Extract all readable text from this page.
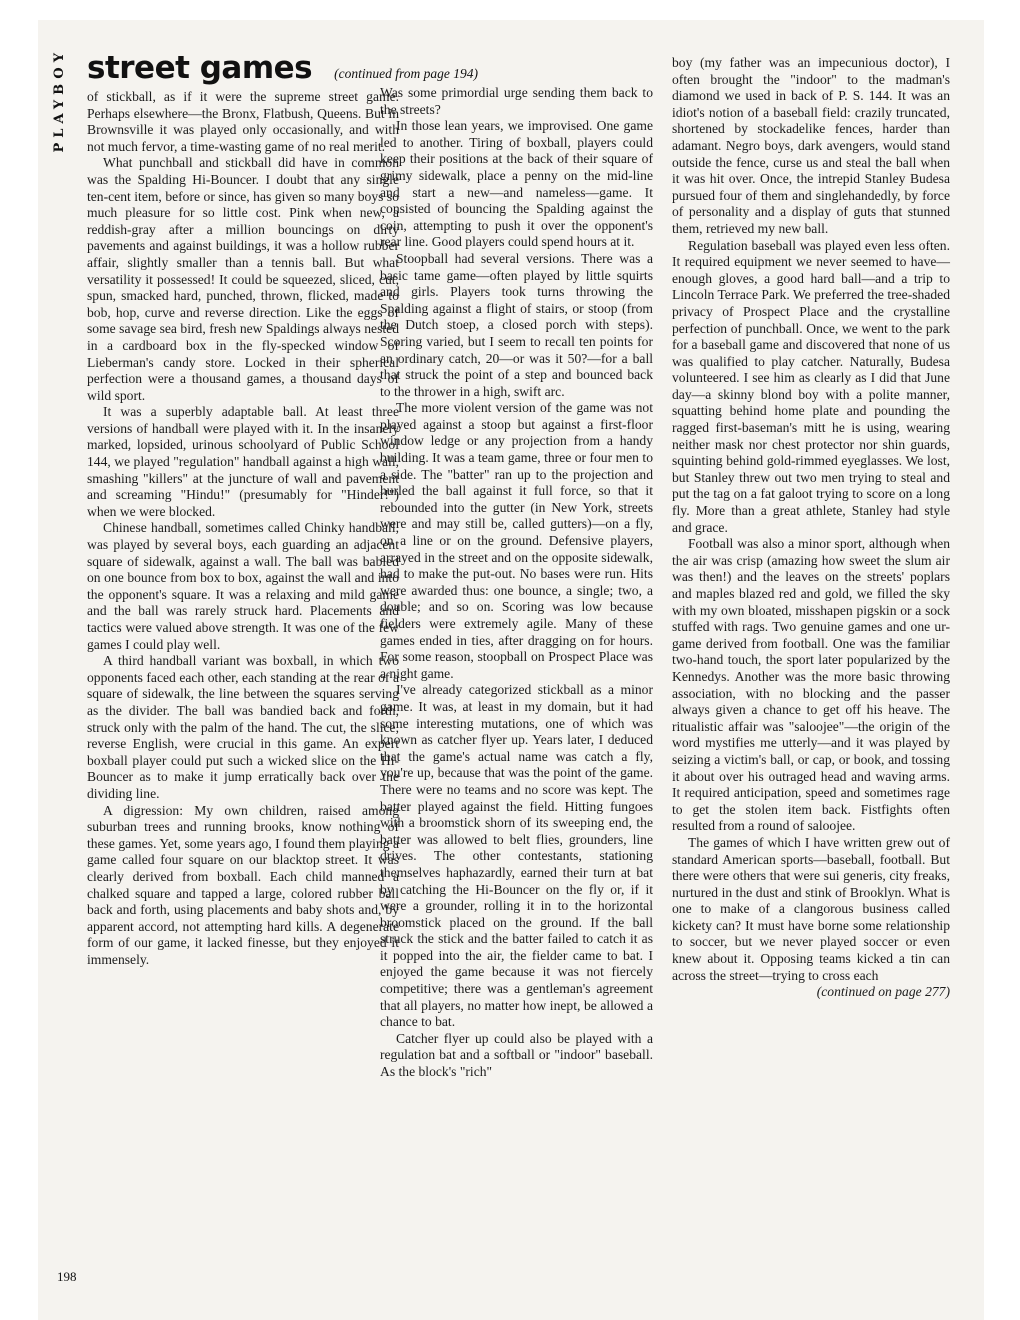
PLAYBOY
198
street games (continued from page 194)

of stickball, as if it were the supreme street game. Perhaps elsewhere—the Bronx, Flatbush, Queens. But in Brownsville it was played only occasionally, and with not much fervor, a time-wasting game of no real merit.

What punchball and stickball did have in common was the Spalding Hi-Bouncer. I doubt that any single ten-cent item, before or since, has given so many boys so much pleasure for so little cost. Pink when new, a reddish-gray after a million bouncings on dirty pavements and against buildings, it was a hollow rubber affair, slightly smaller than a tennis ball. But what versatility it possessed! It could be squeezed, sliced, cut, spun, smacked hard, punched, thrown, flicked, made to bob, hop, curve and reverse direction. Like the eggs of some savage sea bird, fresh new Spaldings always nested in a cardboard box in the fly-specked window of Lieberman's candy store. Locked in their spherical perfection were a thousand games, a thousand days of wild sport.

It was a superbly adaptable ball. At least three versions of handball were played with it. In the insanely marked, lopsided, urinous schoolyard of Public School 144, we played "regulation" handball against a high wall, smashing "killers" at the juncture of wall and pavement and screaming "Hindu!" (presumably for "Hinder!") when we were blocked.

Chinese handball, sometimes called Chinky handball, was played by several boys, each guarding an adjacent square of sidewalk, against a wall. The ball was babied on one bounce from box to box, against the wall and into the opponent's square. It was a relaxing and mild game and the ball was rarely struck hard. Placements and tactics were valued above strength. It was one of the few games I could play well.

A third handball variant was boxball, in which two opponents faced each other, each standing at the rear of a square of sidewalk, the line between the squares serving as the divider. The ball was bandied back and forth, struck only with the palm of the hand. The cut, the slice, reverse English, were crucial in this game. An expert boxball player could put such a wicked slice on the Hi-Bouncer as to make it jump erratically back over the dividing line.

A digression: My own children, raised among suburban trees and running brooks, know nothing of these games. Yet, some years ago, I found them playing a game called four square on our blacktop street. It was clearly derived from boxball. Each child manned a chalked square and tapped a large, colored rubber ball back and forth, using placements and baby shots and, by apparent accord, not attempting hard kills. A degenerate form of our game, it lacked finesse, but they enjoyed it immensely.

Was some primordial urge sending them back to the streets?

In those lean years, we improvised. One game led to another. Tiring of boxball, players could keep their positions at the back of their square of grimy sidewalk, place a penny on the mid-line and start a new—and nameless—game. It consisted of bouncing the Spalding against the coin, attempting to push it over the opponent's rear line. Good players could spend hours at it.

Stoopball had several versions. There was a basic tame game—often played by little squirts and girls. Players took turns throwing the Spalding against a flight of stairs, or stoop (from the Dutch stoep, a closed porch with steps). Scoring varied, but I seem to recall ten points for an ordinary catch, 20—or was it 50?—for a ball that struck the point of a step and bounced back to the thrower in a high, swift arc.

The more violent version of the game was not played against a stoop but against a first-floor window ledge or any projection from a handy building. It was a team game, three or four men to a side. The "batter" ran up to the projection and hurled the ball against it full force, so that it rebounded into the gutter (in New York, streets were and may still be, called gutters)—on a fly, on a line or on the ground. Defensive players, arrayed in the street and on the opposite sidewalk, had to make the put-out. No bases were run. Hits were awarded thus: one bounce, a single; two, a double; and so on. Scoring was low because fielders were extremely agile. Many of these games ended in ties, after dragging on for hours. For some reason, stoopball on Prospect Place was a night game.

I've already categorized stickball as a minor game. It was, at least in my domain, but it had some interesting mutations, one of which was known as catcher flyer up. Years later, I deduced that the game's actual name was catch a fly, you're up, because that was the point of the game. There were no teams and no score was kept. The batter played against the field. Hitting fungoes with a broomstick shorn of its sweeping end, the batter was allowed to belt flies, grounders, line drives. The other contestants, stationing themselves haphazardly, earned their turn at bat by catching the Hi-Bouncer on the fly or, if it were a grounder, rolling it in to the horizontal broomstick placed on the ground. If the ball struck the stick and the batter failed to catch it as it popped into the air, the fielder came to bat. I enjoyed the game because it was not fiercely competitive; there was a gentleman's agreement that all players, no matter how inept, be allowed a chance to bat.

Catcher flyer up could also be played with a regulation bat and a softball or "indoor" baseball. As the block's "rich"

boy (my father was an impecunious doctor), I often brought the "indoor" to the madman's diamond we used in back of P. S. 144. It was an idiot's notion of a baseball field: crazily truncated, shortened by stockadelike fences, harder than adamant. Negro boys, dark avengers, would stand outside the fence, curse us and steal the ball when it was hit over. Once, the intrepid Stanley Budesa pursued four of them and singlehandedly, by force of personality and a display of guts that stunned them, retrieved my new ball.

Regulation baseball was played even less often. It required equipment we never seemed to have—enough gloves, a good hard ball—and a trip to Lincoln Terrace Park. We preferred the tree-shaded privacy of Prospect Place and the crystalline perfection of punchball. Once, we went to the park for a baseball game and discovered that none of us was qualified to play catcher. Naturally, Budesa volunteered. I see him as clearly as I did that June day—a skinny blond boy with a polite manner, squatting behind home plate and pounding the ragged first-baseman's mitt he is using, wearing neither mask nor chest protector nor shin guards, squinting behind gold-rimmed eyeglasses. We lost, but Stanley threw out two men trying to steal and put the tag on a fat galoot trying to score on a long fly. More than a great athlete, Stanley had style and grace.

Football was also a minor sport, although when the air was crisp (amazing how sweet the slum air was then!) and the leaves on the streets' poplars and maples blazed red and gold, we filled the sky with my own bloated, misshapen pigskin or a sock stuffed with rags. Two genuine games and one ur-game derived from football. One was the familiar two-hand touch, the sport later popularized by the Kennedys. Another was the more basic throwing association, with no blocking and the passer always given a chance to get off his heave. The ritualistic affair was "saloojee"—the origin of the word mystifies me utterly—and it was played by seizing a victim's ball, or cap, or book, and tossing it about over his outraged head and waving arms. It required anticipation, speed and sometimes rage to get the stolen item back. Fistfights often resulted from a round of saloojee.

The games of which I have written grew out of standard American sports—baseball, football. But there were others that were sui generis, city freaks, nurtured in the dust and stink of Brooklyn. What is one to make of a clangorous business called kickety can? It must have borne some relationship to soccer, but we never played soccer or even knew about it. Opposing teams kicked a tin can across the street—trying to cross each

(continued on page 277)
